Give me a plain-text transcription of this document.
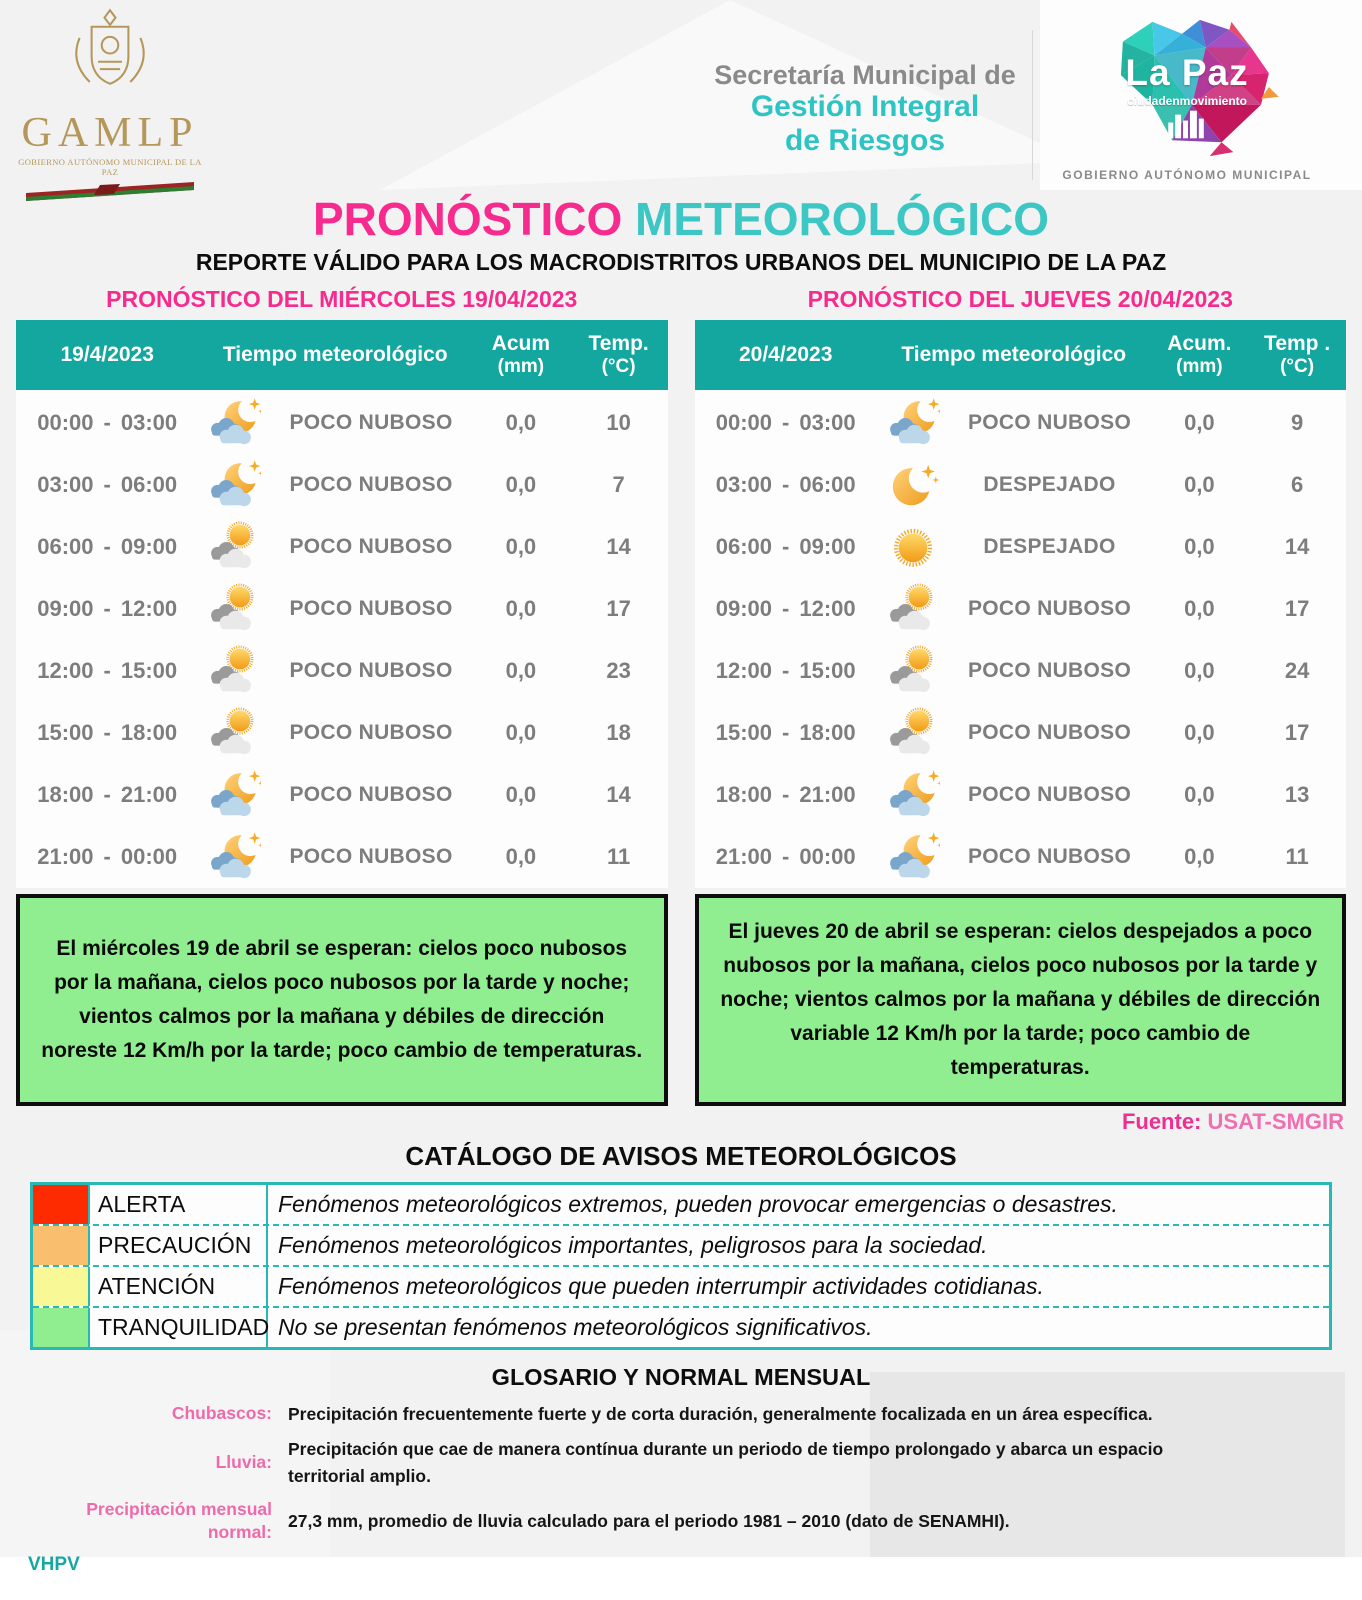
GAMLP
GOBIERNO AUTÓNOMO MUNICIPAL DE LA PAZ
Secretaría Municipal de
Gestión Integral
de Riesgos
La Paz
ciudadenmovimiento
GOBIERNO AUTÓNOMO MUNICIPAL
PRONÓSTICO METEOROLÓGICO
REPORTE VÁLIDO PARA LOS MACRODISTRITOS URBANOS DEL MUNICIPIO DE LA PAZ
PRONÓSTICO DEL MIÉRCOLES 19/04/2023
19/4/2023	Tiempo meteorológico	Acum
(mm)
Temp.
(°C)
00:00 - 03:00	POCO NUBOSO	0,0	10
03:00 - 06:00	POCO NUBOSO	0,0	7
06:00 - 09:00	POCO NUBOSO	0,0	14
09:00 - 12:00	POCO NUBOSO	0,0	17
12:00 - 15:00	POCO NUBOSO	0,0	23
15:00 - 18:00	POCO NUBOSO	0,0	18
18:00 - 21:00	POCO NUBOSO	0,0	14
21:00 - 00:00	POCO NUBOSO	0,0	11
PRONÓSTICO DEL JUEVES 20/04/2023
20/4/2023	Tiempo meteorológico	Acum.
(mm)
Temp .
(°C)
00:00 - 03:00	POCO NUBOSO	0,0	9
03:00 - 06:00	DESPEJADO	0,0	6
06:00 - 09:00	DESPEJADO	0,0	14
09:00 - 12:00	POCO NUBOSO	0,0	17
12:00 - 15:00	POCO NUBOSO	0,0	24
15:00 - 18:00	POCO NUBOSO	0,0	17
18:00 - 21:00	POCO NUBOSO	0,0	13
21:00 - 00:00	POCO NUBOSO	0,0	11
El miércoles 19 de abril se esperan: cielos poco nubosos por la mañana, cielos poco nubosos por la tarde y noche; vientos calmos por la mañana y débiles de dirección noreste 12 Km/h por la tarde; poco cambio de temperaturas.
El jueves 20 de abril se esperan: cielos despejados a poco nubosos por la mañana, cielos poco nubosos por la tarde y noche; vientos calmos por la mañana y débiles de dirección variable 12 Km/h por la tarde; poco cambio de temperaturas.
Fuente: USAT-SMGIR
CATÁLOGO DE AVISOS METEOROLÓGICOS
ALERTA	Fenómenos meteorológicos extremos, pueden provocar emergencias o desastres.
PRECAUCIÓN	Fenómenos meteorológicos importantes, peligrosos para la sociedad.
ATENCIÓN	Fenómenos meteorológicos que pueden interrumpir actividades cotidianas.
TRANQUILIDAD No se presentan fenómenos meteorológicos significativos.
GLOSARIO Y NORMAL MENSUAL
Chubascos: Precipitación frecuentemente fuerte y de corta duración, generalmente focalizada en un área específica.
Lluvia:
Precipitación que cae de manera contínua durante un periodo de tiempo prolongado y abarca un espacio territorial amplio.
Precipitación mensual normal:
27,3 mm, promedio de lluvia calculado para el periodo 1981 – 2010 (dato de SENAMHI).
VHPV
